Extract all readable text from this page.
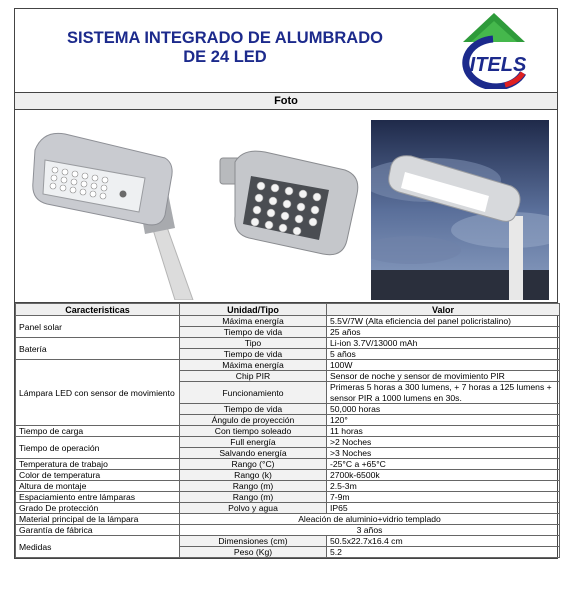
SISTEMA INTEGRADO DE ALUMBRADO
DE 24 LED	ITELS
Foto
Caracteristicas	Unidad/Tipo	Valor
Panel solar	Máxima energía	5.5V/7W (Alta eficiencia del panel policristalino)
	Tiempo de vida	25 años
Batería	Tipo	Li-ion 3.7V/13000 mAh
	Tiempo de vida	5 años
Lámpara LED con sensor de movimiento	Máxima energía	100W
	Chip PIR	Sensor de noche y sensor de movimiento PIR
	Funcionamiento	Primeras 5 horas a 300 lumens, + 7 horas a 125 lumens + sensor PIR a 1000 lumens en 30s.
	Tiempo de vida	50,000 horas
	Ángulo de proyección	120°
Tiempo de carga	Con tiempo soleado	11 horas
Tiempo de operación	Full energía	>2 Noches
	Salvando energía	>3 Noches
Temperatura de trabajo	Rango (°C)	-25°C a +65°C
Color de temperatura	Rango (k)	2700k-6500k
Altura de montaje	Rango (m)	2.5-3m
Espaciamiento entre lámparas	Rango (m)	7-9m
Grado De protección	Polvo y agua	IP65
Material principal de la lámpara	Aleación de aluminio+vidrio templado	
Garantía de fábrica	3 años	
Medidas	Dimensiones (cm)	50.5x22.7x16.4 cm
	Peso (Kg)	5.2
